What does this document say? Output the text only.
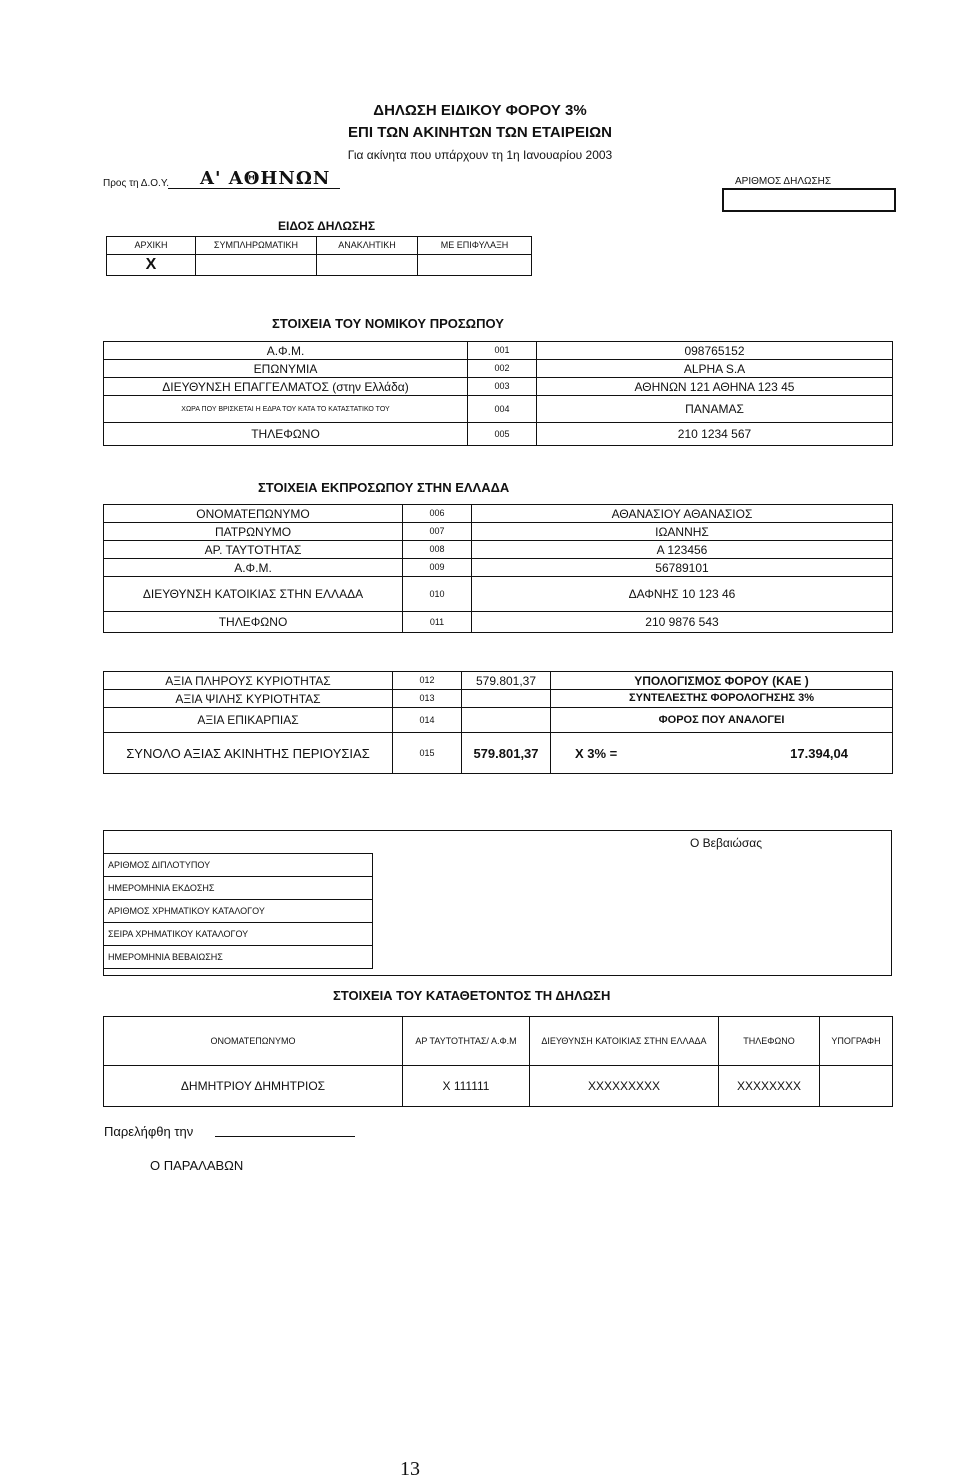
ΔΗΛΩΣΗ ΕΙΔΙΚΟΥ ΦΟΡΟΥ 3%
ΕΠΙ ΤΩΝ ΑΚΙΝΗΤΩΝ ΤΩΝ ΕΤΑΙΡΕΙΩΝ
Για ακίνητα που υπάρχουν τη 1η Ιανουαρίου 2003
Προς τη Δ.Ο.Υ. Α' ΑΘΗΝΩΝ	ΑΡΙΘΜΟΣ ΔΗΛΩΣΗΣ
ΕΙΔΟΣ ΔΗΛΩΣΗΣ
ΑΡΧΙΚΗ	ΣΥΜΠΛΗΡΩΜΑΤΙΚΗ	ΑΝΑΚΛΗΤΙΚΗ	ΜΕ ΕΠΙΦΥΛΑΞΗ
X			
ΣΤΟΙΧΕΙΑ ΤΟΥ ΝΟΜΙΚΟΥ ΠΡΟΣΩΠΟΥ
Α.Φ.Μ.	001	098765152
ΕΠΩΝΥΜΙΑ	002	ALPHA S.A
ΔΙΕΥΘΥΝΣΗ ΕΠΑΓΓΕΛΜΑΤΟΣ (στην Ελλάδα)	003	ΑΘΗΝΩΝ 121 ΑΘΗΝΑ 123 45
ΧΩΡΑ ΠΟΥ ΒΡΙΣΚΕΤΑΙ Η ΕΔΡΑ ΤΟΥ ΚΑΤΑ ΤΟ ΚΑΤΑΣΤΑΤΙΚΟ ΤΟΥ	004	ΠΑΝΑΜΑΣ
ΤΗΛΕΦΩΝΟ	005	210 1234 567
ΣΤΟΙΧΕΙΑ ΕΚΠΡΟΣΩΠΟΥ ΣΤΗΝ ΕΛΛΑΔΑ
ΟΝΟΜΑΤΕΠΩΝΥΜΟ	006	ΑΘΑΝΑΣΙΟΥ ΑΘΑΝΑΣΙΟΣ
ΠΑΤΡΩΝΥΜΟ	007	ΙΩΑΝΝΗΣ
ΑΡ. ΤΑΥΤΟΤΗΤΑΣ	008	Α 123456
Α.Φ.Μ.	009	56789101
ΔΙΕΥΘΥΝΣΗ ΚΑΤΟΙΚΙΑΣ ΣΤΗΝ ΕΛΛΑΔΑ	010	ΔΑΦΝΗΣ 10 123 46
ΤΗΛΕΦΩΝΟ	011	210 9876 543
ΑΞΙΑ ΠΛΗΡΟΥΣ ΚΥΡΙΟΤΗΤΑΣ	012	579.801,37	ΥΠΟΛΟΓΙΣΜΟΣ ΦΟΡΟΥ (ΚΑΕ )
ΑΞΙΑ ΨΙΛΗΣ ΚΥΡΙΟΤΗΤΑΣ	013		ΣΥΝΤΕΛΕΣΤΗΣ ΦΟΡΟΛΟΓΗΣΗΣ 3%
ΑΞΙΑ ΕΠΙΚΑΡΠΙΑΣ	014		ΦΟΡΟΣ ΠΟΥ ΑΝΑΛΟΓΕΙ
ΣΥΝΟΛΟ ΑΞΙΑΣ ΑΚΙΝΗΤΗΣ ΠΕΡΙΟΥΣΙΑΣ	015	579.801,37	Χ 3% = 17.394,04
Ο Βεβαιώσας
ΑΡΙΘΜΟΣ ΔΙΠΛΟΤΥΠΟΥ
ΗΜΕΡΟΜΗΝΙΑ ΕΚΔΟΣΗΣ
ΑΡΙΘΜΟΣ ΧΡΗΜΑΤΙΚΟΥ ΚΑΤΑΛΟΓΟΥ
ΣΕΙΡΑ ΧΡΗΜΑΤΙΚΟΥ ΚΑΤΑΛΟΓΟΥ
ΗΜΕΡΟΜΗΝΙΑ ΒΕΒΑΙΩΣΗΣ
ΣΤΟΙΧΕΙΑ ΤΟΥ ΚΑΤΑΘΕΤΟΝΤΟΣ ΤΗ ΔΗΛΩΣΗ
ΟΝΟΜΑΤΕΠΩΝΥΜΟ	ΑΡ ΤΑΥΤΟΤΗΤΑΣ/ Α.Φ.Μ	ΔΙΕΥΘΥΝΣΗ ΚΑΤΟΙΚΙΑΣ ΣΤΗΝ ΕΛΛΑΔΑ	ΤΗΛΕΦΩΝΟ	ΥΠΟΓΡΑΦΗ
ΔΗΜΗΤΡΙΟΥ ΔΗΜΗΤΡΙΟΣ	Χ 111111	XXXXXXXXX	XXXXXXXX	
Παρελήφθη την
Ο ΠΑΡΑΛΑΒΩΝ
13
